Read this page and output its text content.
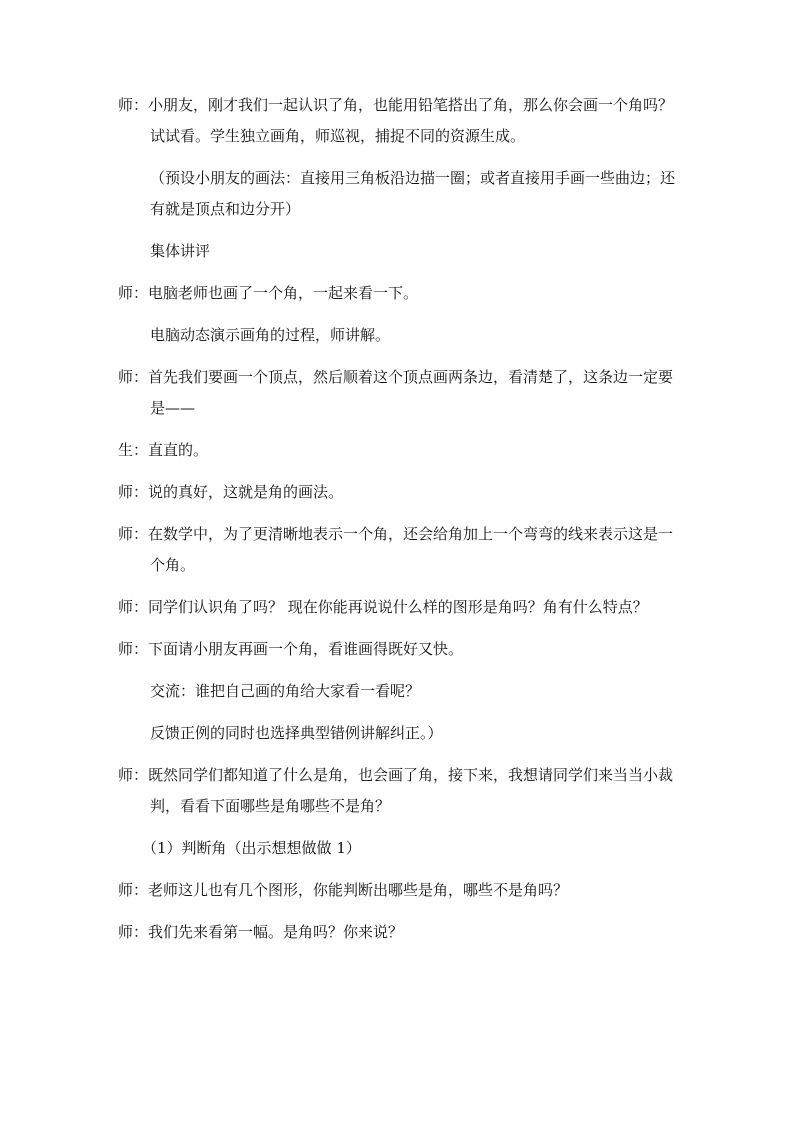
师：小朋友，刚才我们一起认识了角，也能用铅笔搭出了角，那么你会画一个角吗？试试看。学生独立画角，师巡视，捕捉不同的资源生成。

（预设小朋友的画法：直接用三角板沿边描一圈；或者直接用手画一些曲边；还有就是顶点和边分开）

集体讲评

师：电脑老师也画了一个角，一起来看一下。

电脑动态演示画角的过程，师讲解。

师：首先我们要画一个顶点，然后顺着这个顶点画两条边，看清楚了，这条边一定要是——

生：直直的。

师：说的真好，这就是角的画法。

师：在数学中，为了更清晰地表示一个角，还会给角加上一个弯弯的线来表示这是一个角。

师：同学们认识角了吗？ 现在你能再说说什么样的图形是角吗？角有什么特点？

师：下面请小朋友再画一个角，看谁画得既好又快。

交流：谁把自己画的角给大家看一看呢？

反馈正例的同时也选择典型错例讲解纠正。）

师：既然同学们都知道了什么是角，也会画了角，接下来，我想请同学们来当当小裁判，看看下面哪些是角哪些不是角？

（1）判断角（出示想想做做 1）

师：老师这儿也有几个图形，你能判断出哪些是角，哪些不是角吗？

师：我们先来看第一幅。是角吗？你来说？
